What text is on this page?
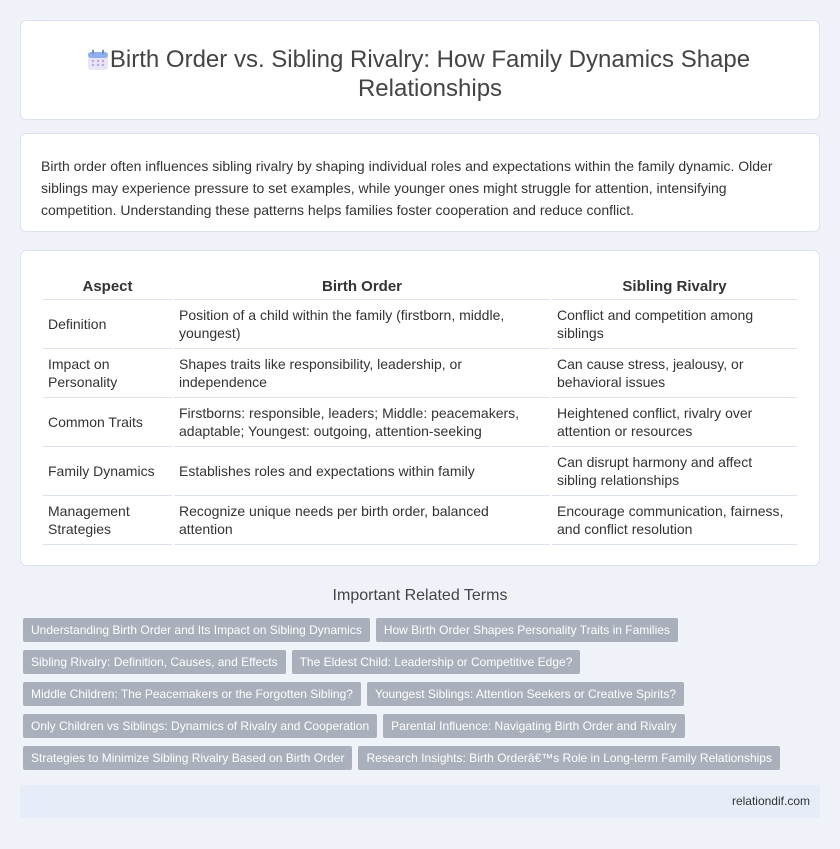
Birth Order vs. Sibling Rivalry: How Family Dynamics Shape Relationships

Birth order often influences sibling rivalry by shaping individual roles and expectations within the family dynamic. Older siblings may experience pressure to set examples, while younger ones might struggle for attention, intensifying competition. Understanding these patterns helps families foster cooperation and reduce conflict.

Aspect	Birth Order	Sibling Rivalry
Definition	Position of a child within the family (firstborn, middle, youngest)	Conflict and competition among siblings
Impact on Personality	Shapes traits like responsibility, leadership, or independence	Can cause stress, jealousy, or behavioral issues
Common Traits	Firstborns: responsible, leaders; Middle: peacemakers, adaptable; Youngest: outgoing, attention-seeking	Heightened conflict, rivalry over attention or resources
Family Dynamics	Establishes roles and expectations within family	Can disrupt harmony and affect sibling relationships
Management Strategies	Recognize unique needs per birth order, balanced attention	Encourage communication, fairness, and conflict resolution
Important Related Terms
Understanding Birth Order and Its Impact on Sibling Dynamics How Birth Order Shapes Personality Traits in Families
Sibling Rivalry: Definition, Causes, and Effects The Eldest Child: Leadership or Competitive Edge?
Middle Children: The Peacemakers or the Forgotten Sibling? Youngest Siblings: Attention Seekers or Creative Spirits?
Only Children vs Siblings: Dynamics of Rivalry and Cooperation Parental Influence: Navigating Birth Order and Rivalry
Strategies to Minimize Sibling Rivalry Based on Birth Order Research Insights: Birth Orderâ€™s Role in Long-term Family Relationships
relationdif.com
